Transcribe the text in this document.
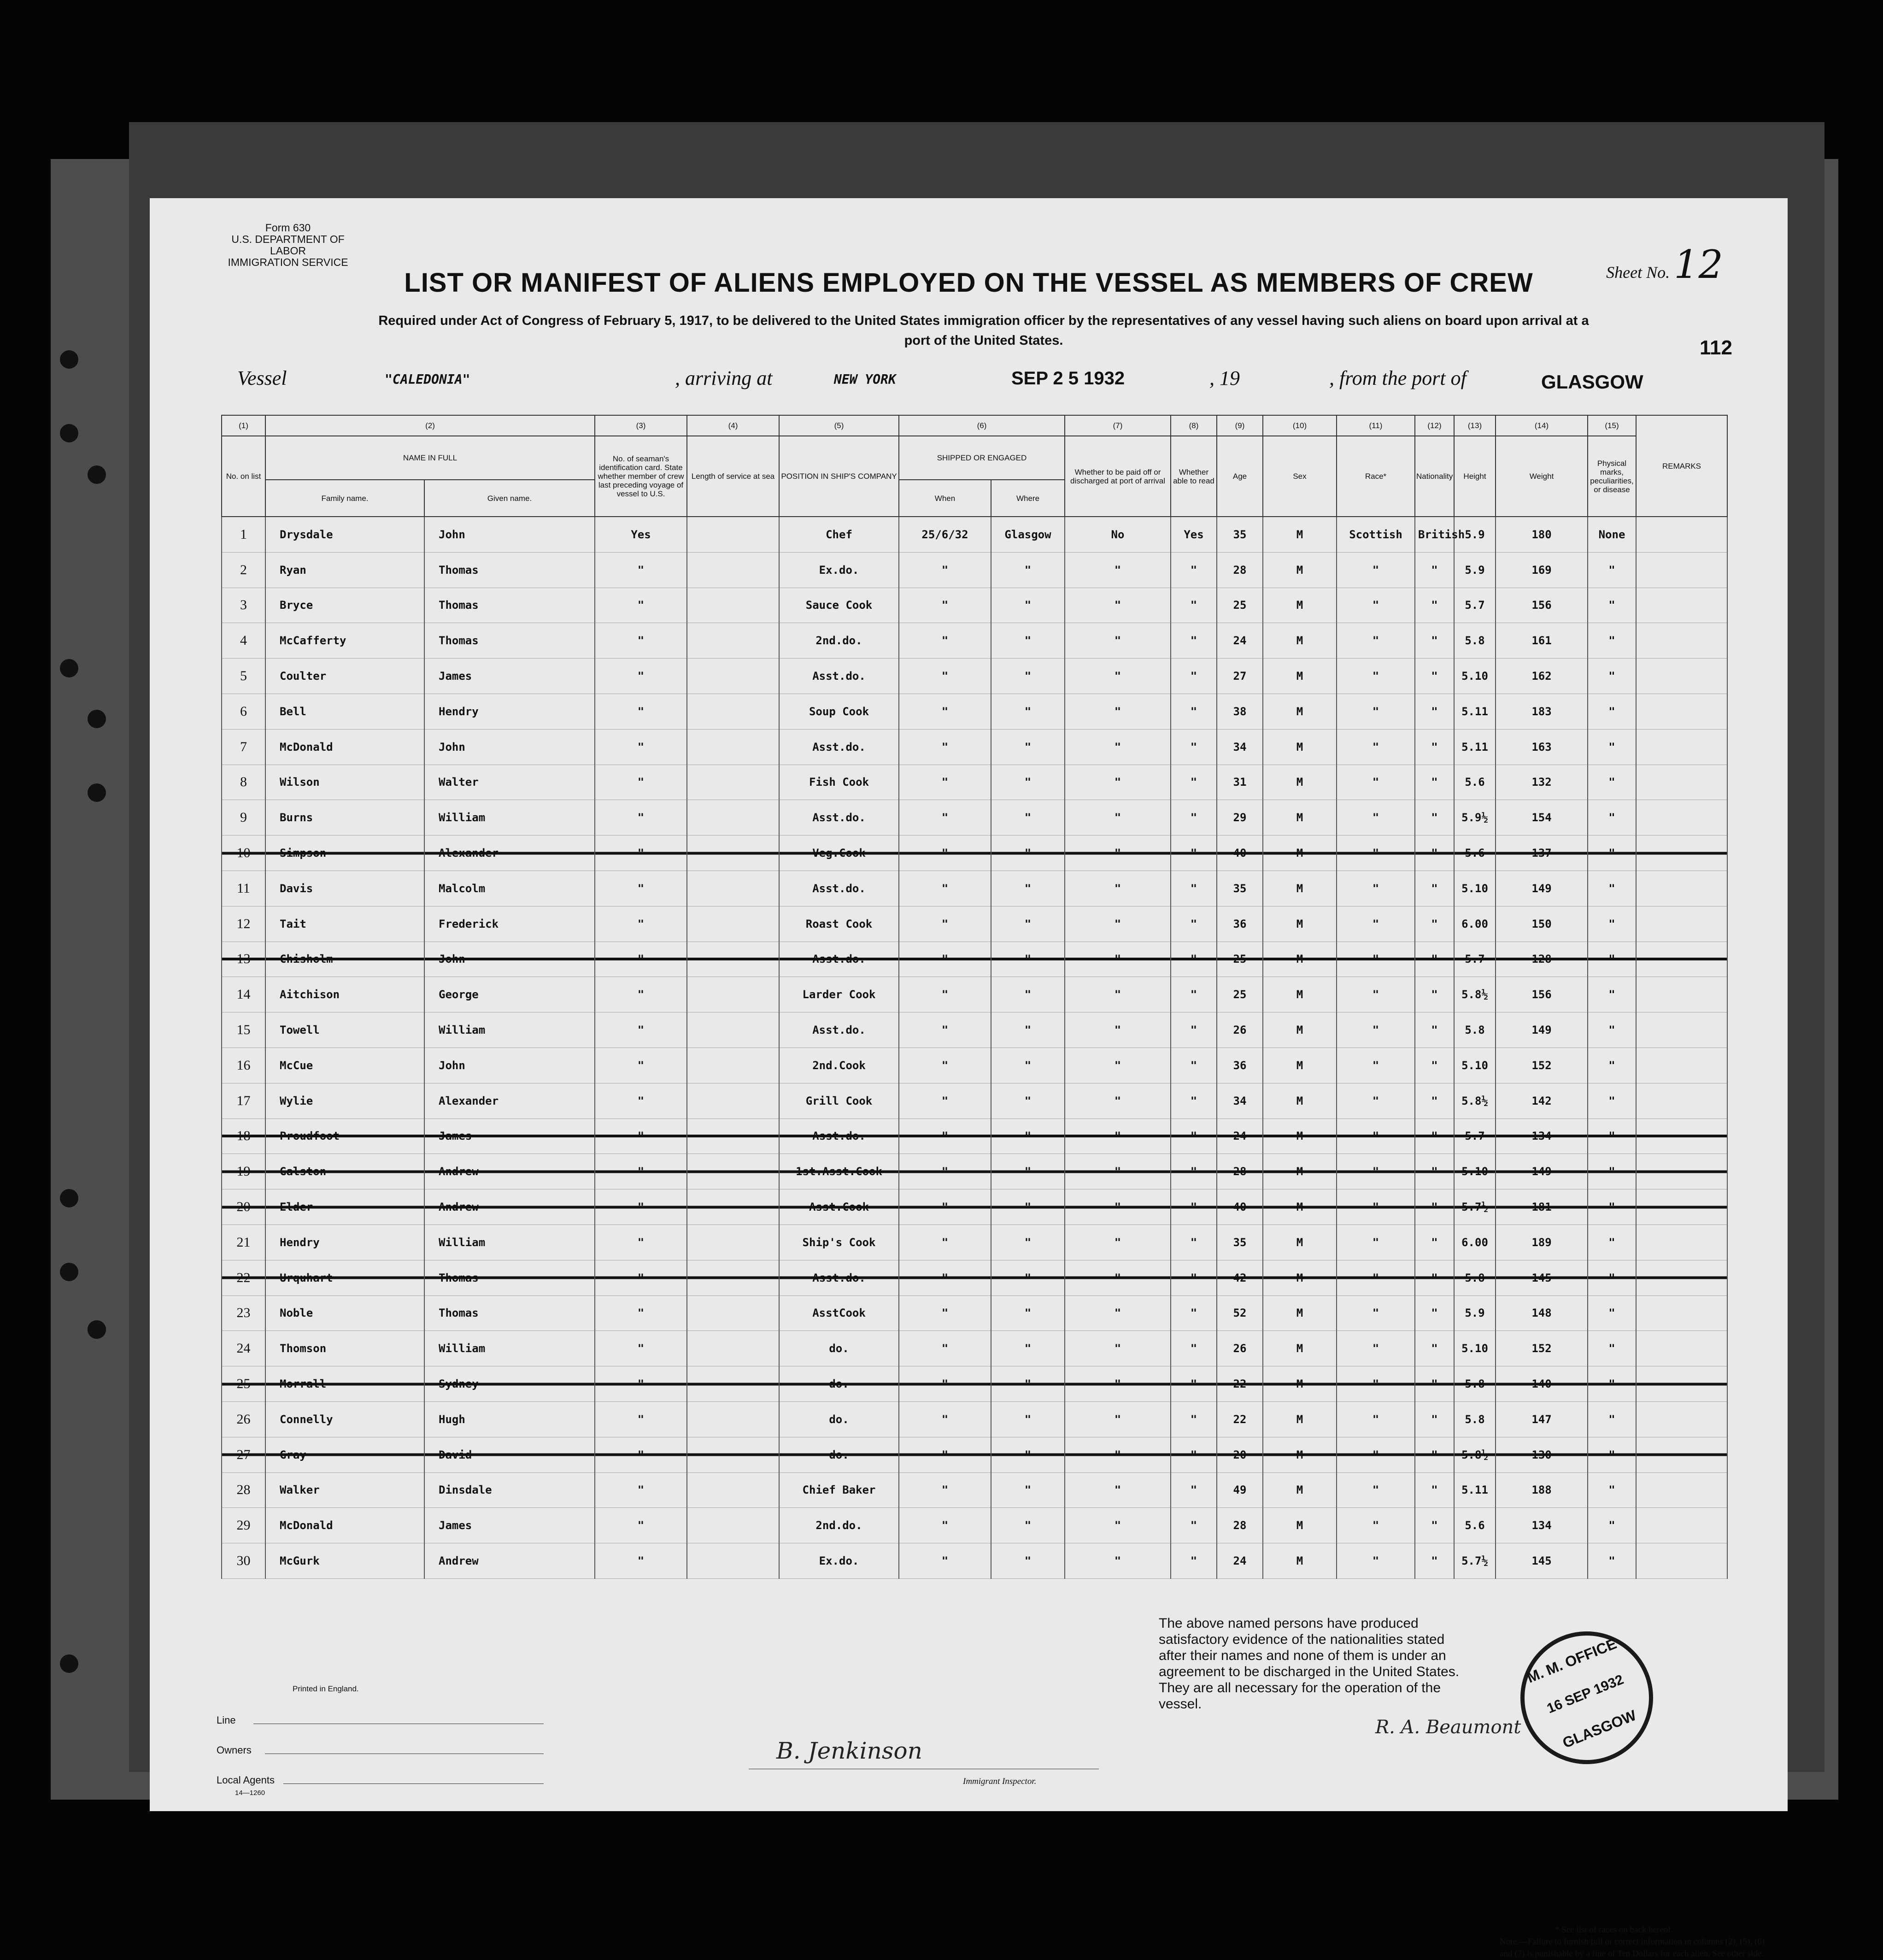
Form 630
U.S. DEPARTMENT OF LABOR
IMMIGRATION SERVICE
Sheet No. 12
LIST OR MANIFEST OF ALIENS EMPLOYED ON THE VESSEL AS MEMBERS OF CREW
Required under Act of Congress of February 5, 1917, to be delivered to the United States immigration officer by the representatives of any vessel having such aliens on board upon arrival at a port of the United States.	112
Vessel	"CALEDONIA"	, arriving at	NEW YORK	SEP 2 5 1932	, 19	, from the port of	GLASGOW
(1)	(2)		(3)	(4)	(5)	(6)		(7)	(8)	(9)	(10)	(11)	(12)	(13)	(14)	(15)	REMARKS
No. on list	NAME IN FULL		No. of seaman's identification card. State whether member of crew last preceding voyage of vessel to U.S.	Length of service at sea	POSITION IN SHIP'S COMPANY	SHIPPED OR ENGAGED		Whether to be paid off or discharged at port of arrival	Whether able to read	Age	Sex	Race*	Nationality	Height	Weight	Physical marks, peculiarities, or disease	
	Family name.	Given name.				When	Where										
1	Drysdale	John	Yes		Chef	25/6/32	Glasgow	No	Yes	35	M	Scottish	British	5.9	180	None	
2	Ryan	Thomas	"		Ex.do.	"	"	"	"	28	M	"	"	5.9	169	"	
3	Bryce	Thomas	"		Sauce Cook	"	"	"	"	25	M	"	"	5.7	156	"	
4	McCafferty	Thomas	"		2nd.do.	"	"	"	"	24	M	"	"	5.8	161	"	
5	Coulter	James	"		Asst.do.	"	"	"	"	27	M	"	"	5.10	162	"	
6	Bell	Hendry	"		Soup Cook	"	"	"	"	38	M	"	"	5.11	183	"	
7	McDonald	John	"		Asst.do.	"	"	"	"	34	M	"	"	5.11	163	"	
8	Wilson	Walter	"		Fish Cook	"	"	"	"	31	M	"	"	5.6	132	"	
9	Burns	William	"		Asst.do.	"	"	"	"	29	M	"	"	5.9½	154	"	
10	Simpson	Alexander	"		Veg.Cook	"	"	"	"	40	M	"	"	5.6	137	"	
11	Davis	Malcolm	"		Asst.do.	"	"	"	"	35	M	"	"	5.10	149	"	
12	Tait	Frederick	"		Roast Cook	"	"	"	"	36	M	"	"	6.00	150	"	
13	Chisholm	John	"		Asst.do.	"	"	"	"	25	M	"	"	5.7	128	"	
14	Aitchison	George	"		Larder Cook	"	"	"	"	25	M	"	"	5.8½	156	"	
15	Towell	William	"		Asst.do.	"	"	"	"	26	M	"	"	5.8	149	"	
16	McCue	John	"		2nd.Cook	"	"	"	"	36	M	"	"	5.10	152	"	
17	Wylie	Alexander	"		Grill Cook	"	"	"	"	34	M	"	"	5.8½	142	"	
18	Proudfoot	James	"		Asst.do.	"	"	"	"	24	M	"	"	5.7	134	"	
19	Galston	Andrew	"		1st.Asst.Cook	"	"	"	"	28	M	"	"	5.10	149	"	
20	Elder	Andrew	"		Asst.Cook	"	"	"	"	40	M	"	"	5.7½	181	"	
21	Hendry	William	"		Ship's Cook	"	"	"	"	35	M	"	"	6.00	189	"	
22	Urquhart	Thomas	"		Asst.do.	"	"	"	"	42	M	"	"	5.8	145	"	
23	Noble	Thomas	"		AsstCook	"	"	"	"	52	M	"	"	5.9	148	"	
24	Thomson	William	"		do.	"	"	"	"	26	M	"	"	5.10	152	"	
25	Morrall	Sydney	"		do.	"	"	"	"	22	M	"	"	5.8	140	"	
26	Connelly	Hugh	"		do.	"	"	"	"	22	M	"	"	5.8	147	"	
27	Gray	David	"		do.	"	"	"	"	20	M	"	"	5.8½	130	"	
28	Walker	Dinsdale	"		Chief Baker	"	"	"	"	49	M	"	"	5.11	188	"	
29	McDonald	James	"		2nd.do.	"	"	"	"	28	M	"	"	5.6	134	"	
30	McGurk	Andrew	"		Ex.do.	"	"	"	"	24	M	"	"	5.7½	145	"	
The above named persons have produced satisfactory evidence of the nationalities stated after their names and none of them is under an agreement to be discharged in the United States. They are all necessary for the operation of the vessel.
M. M. OFFICE
16 SEP 1932
GLASGOW
Printed in England.
Line
Owners
Local Agents
14—1260
B. Jenkinson
Immigrant Inspector.
R. A. Beaumont
* See list of races on back hereof.
Note.—Failure to furnish full or correct information in columns (2), (5), (6) and (7) is punishable by a fine of Ten Dollars for each alien. See other side.
